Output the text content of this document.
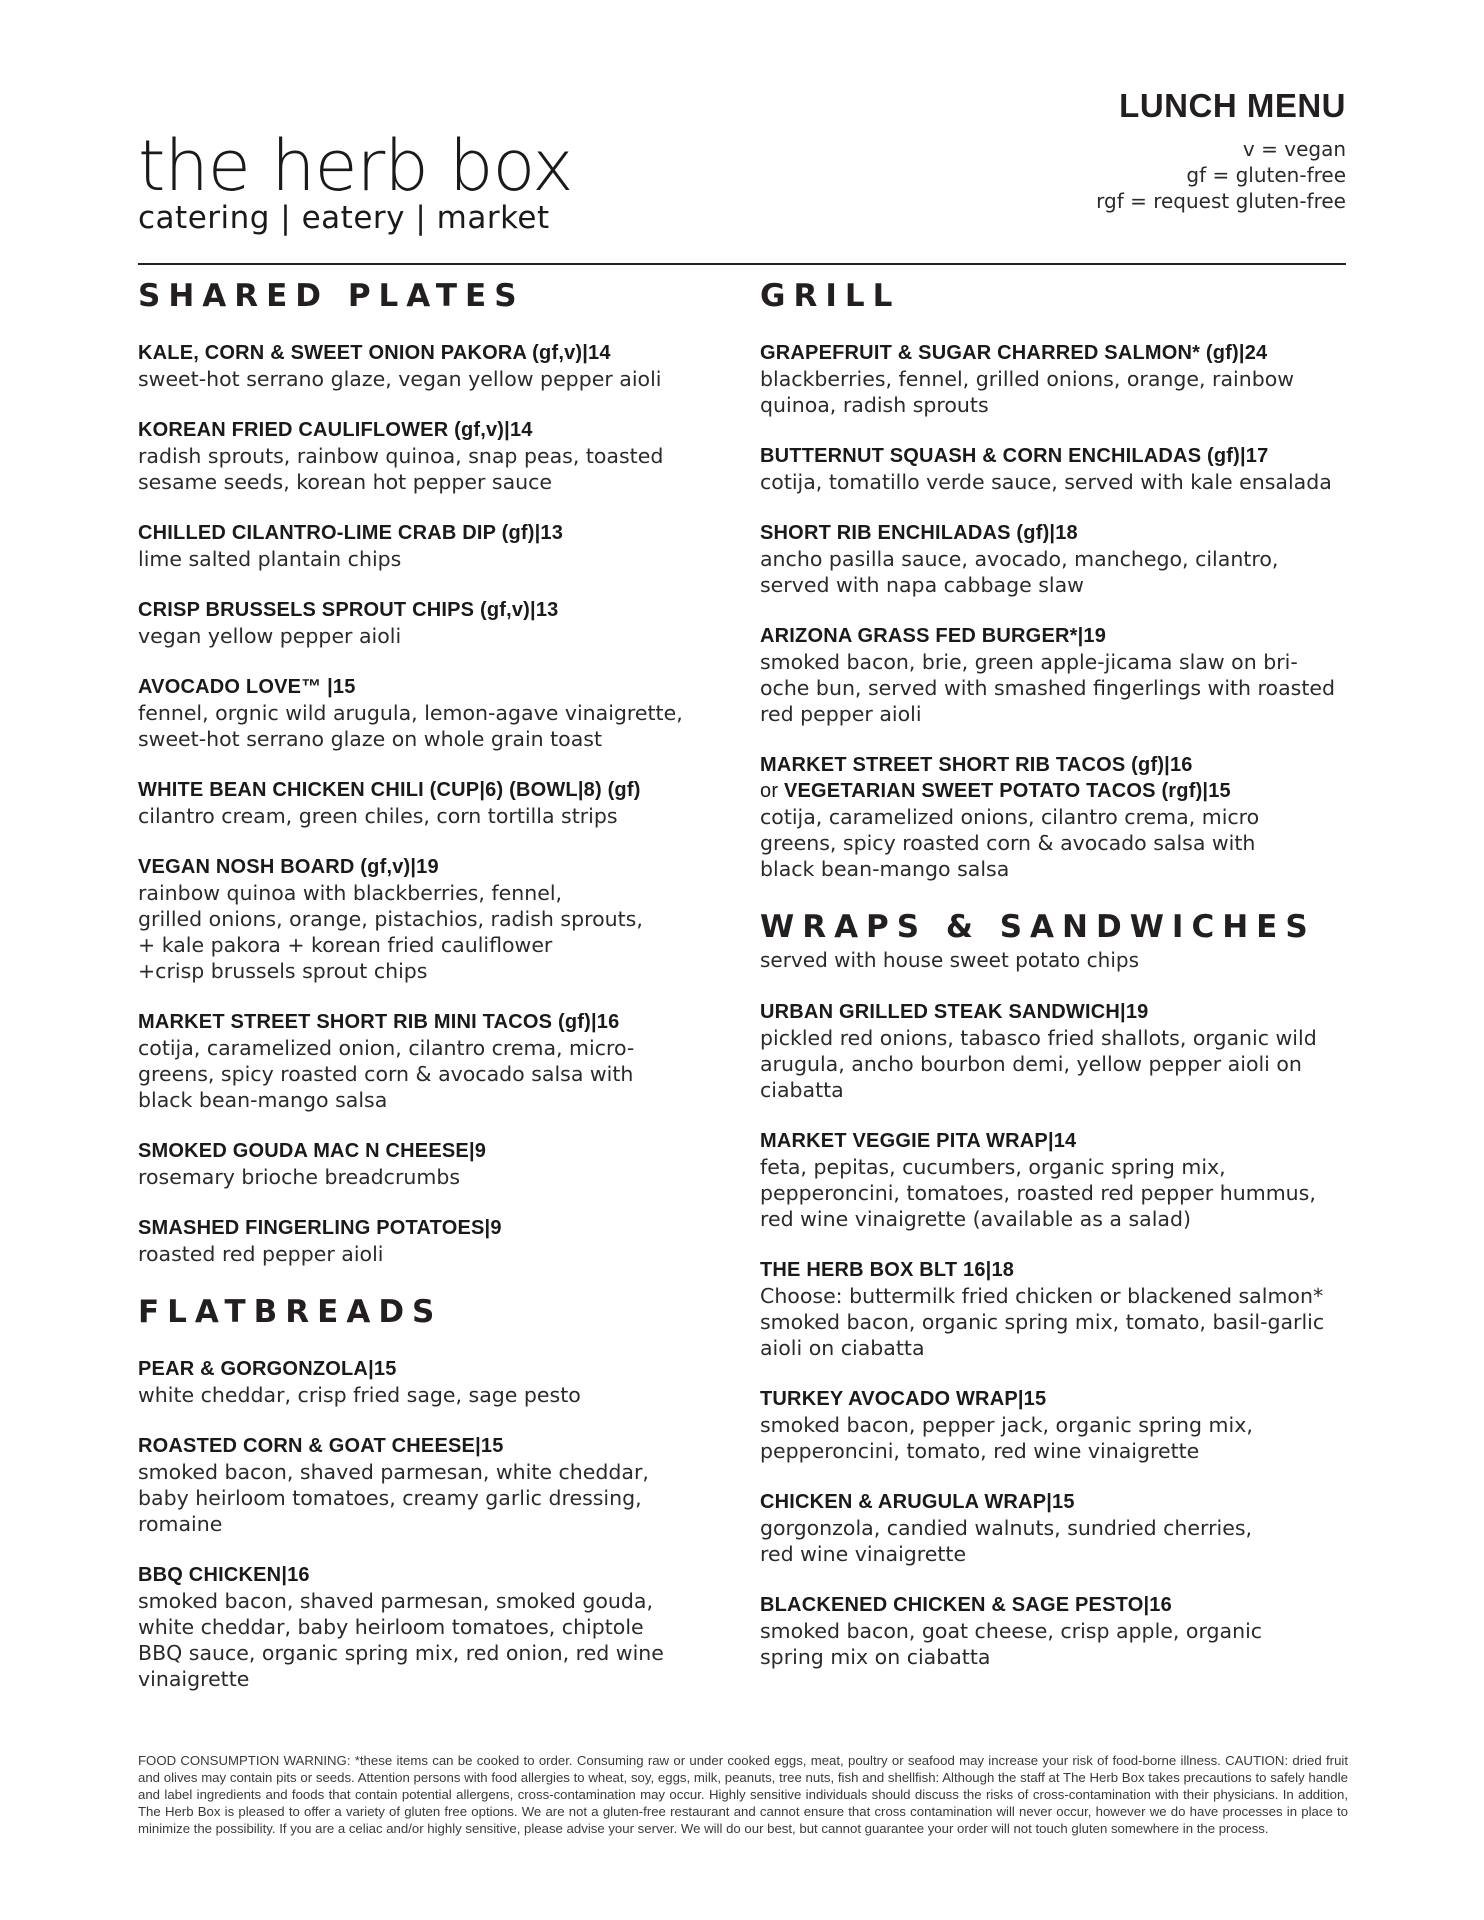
the herb box
catering | eatery | market
LUNCH MENU
v = vegan
gf = gluten-free
rgf = request gluten-free
SHARED PLATES
KALE, CORN & SWEET ONION PAKORA (gf,v)|14
sweet-hot serrano glaze, vegan yellow pepper aioli
KOREAN FRIED CAULIFLOWER (gf,v)|14
radish sprouts, rainbow quinoa, snap peas, toasted
sesame seeds, korean hot pepper sauce
CHILLED CILANTRO-LIME CRAB DIP (gf)|13
lime salted plantain chips
CRISP BRUSSELS SPROUT CHIPS (gf,v)|13
vegan yellow pepper aioli
AVOCADO LOVE™ |15
fennel, orgnic wild arugula, lemon-agave vinaigrette,
sweet-hot serrano glaze on whole grain toast
WHITE BEAN CHICKEN CHILI (CUP|6) (BOWL|8) (gf)
cilantro cream, green chiles, corn tortilla strips
VEGAN NOSH BOARD (gf,v)|19
rainbow quinoa with blackberries, fennel,
grilled onions, orange, pistachios, radish sprouts,
+ kale pakora + korean fried cauliflower
+crisp brussels sprout chips
MARKET STREET SHORT RIB MINI TACOS (gf)|16
cotija, caramelized onion, cilantro crema, micro-
greens, spicy roasted corn & avocado salsa with
black bean-mango salsa
SMOKED GOUDA MAC N CHEESE|9
rosemary brioche breadcrumbs
SMASHED FINGERLING POTATOES|9
roasted red pepper aioli
FLATBREADS
PEAR & GORGONZOLA|15
white cheddar, crisp fried sage, sage pesto
ROASTED CORN & GOAT CHEESE|15
smoked bacon, shaved parmesan, white cheddar,
baby heirloom tomatoes, creamy garlic dressing,
romaine
BBQ CHICKEN|16
smoked bacon, shaved parmesan, smoked gouda,
white cheddar, baby heirloom tomatoes, chiptole
BBQ sauce, organic spring mix, red onion, red wine
vinaigrette
GRILL
GRAPEFRUIT & SUGAR CHARRED SALMON* (gf)|24
blackberries, fennel, grilled onions, orange, rainbow
quinoa, radish sprouts
BUTTERNUT SQUASH & CORN ENCHILADAS (gf)|17
cotija, tomatillo verde sauce, served with kale ensalada
SHORT RIB ENCHILADAS (gf)|18
ancho pasilla sauce, avocado, manchego, cilantro,
served with napa cabbage slaw
ARIZONA GRASS FED BURGER*|19
smoked bacon, brie, green apple-jicama slaw on bri-
oche bun, served with smashed fingerlings with roasted
red pepper aioli
MARKET STREET SHORT RIB TACOS (gf)|16
or VEGETARIAN SWEET POTATO TACOS (rgf)|15
cotija, caramelized onions, cilantro crema, micro
greens, spicy roasted corn & avocado salsa with
black bean-mango salsa
WRAPS & SANDWICHES
served with house sweet potato chips
URBAN GRILLED STEAK SANDWICH|19
pickled red onions, tabasco fried shallots, organic wild
arugula, ancho bourbon demi, yellow pepper aioli on
ciabatta
MARKET VEGGIE PITA WRAP|14
feta, pepitas, cucumbers, organic spring mix,
pepperoncini, tomatoes, roasted red pepper hummus,
red wine vinaigrette (available as a salad)
THE HERB BOX BLT 16|18
Choose: buttermilk fried chicken or blackened salmon*
smoked bacon, organic spring mix, tomato, basil-garlic
aioli on ciabatta
TURKEY AVOCADO WRAP|15
smoked bacon, pepper jack, organic spring mix,
pepperoncini, tomato, red wine vinaigrette
CHICKEN & ARUGULA WRAP|15
gorgonzola, candied walnuts, sundried cherries,
red wine vinaigrette
BLACKENED CHICKEN & SAGE PESTO|16
smoked bacon, goat cheese, crisp apple, organic
spring mix on ciabatta
FOOD CONSUMPTION WARNING: *these items can be cooked to order. Consuming raw or under cooked eggs, meat, poultry or seafood may increase your risk of food-borne illness. CAUTION: dried fruit and olives may contain pits or seeds. Attention persons with food allergies to wheat, soy, eggs, milk, peanuts, tree nuts, fish and shellfish: Although the staff at The Herb Box takes precautions to safely handle and label ingredients and foods that contain potential allergens, cross-contamination may occur. Highly sensitive individuals should discuss the risks of cross-contamination with their physicians. In addition, The Herb Box is pleased to offer a variety of gluten free options. We are not a gluten-free restaurant and cannot ensure that cross contamination will never occur, however we do have processes in place to minimize the possibility. If you are a celiac and/or highly sensitive, please advise your server. We will do our best, but cannot guarantee your order will not touch gluten somewhere in the process.
